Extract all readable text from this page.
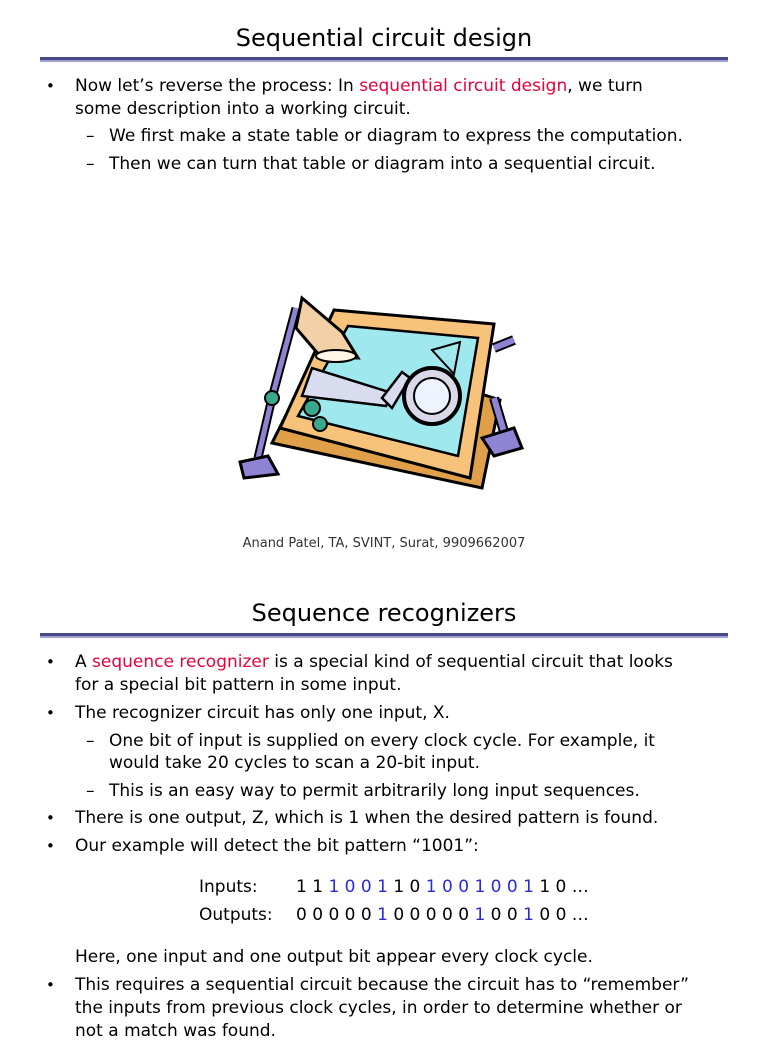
Sequential circuit design
• Now let’s reverse the process: In sequential circuit design, we turn
some description into a working circuit.
– We first make a state table or diagram to express the computation.
– Then we can turn that table or diagram into a sequential circuit.
Anand Patel, TA, SVINT, Surat, 9909662007
Sequence recognizers
• A sequence recognizer is a special kind of sequential circuit that looks
for a special bit pattern in some input.
• The recognizer circuit has only one input, X.
– One bit of input is supplied on every clock cycle. For example, it
would take 20 cycles to scan a 20-bit input.
– This is an easy way to permit arbitrarily long input sequences.
• There is one output, Z, which is 1 when the desired pattern is found.
• Our example will detect the bit pattern “1001”:
Inputs: 1 1 1 0 0 1 1 0 1 0 0 1 0 0 1 1 0 …
Outputs: 0 0 0 0 0 1 0 0 0 0 0 1 0 0 1 0 0 …
Here, one input and one output bit appear every clock cycle.
• This requires a sequential circuit because the circuit has to “remember”
the inputs from previous clock cycles, in order to determine whether or
not a match was found.
